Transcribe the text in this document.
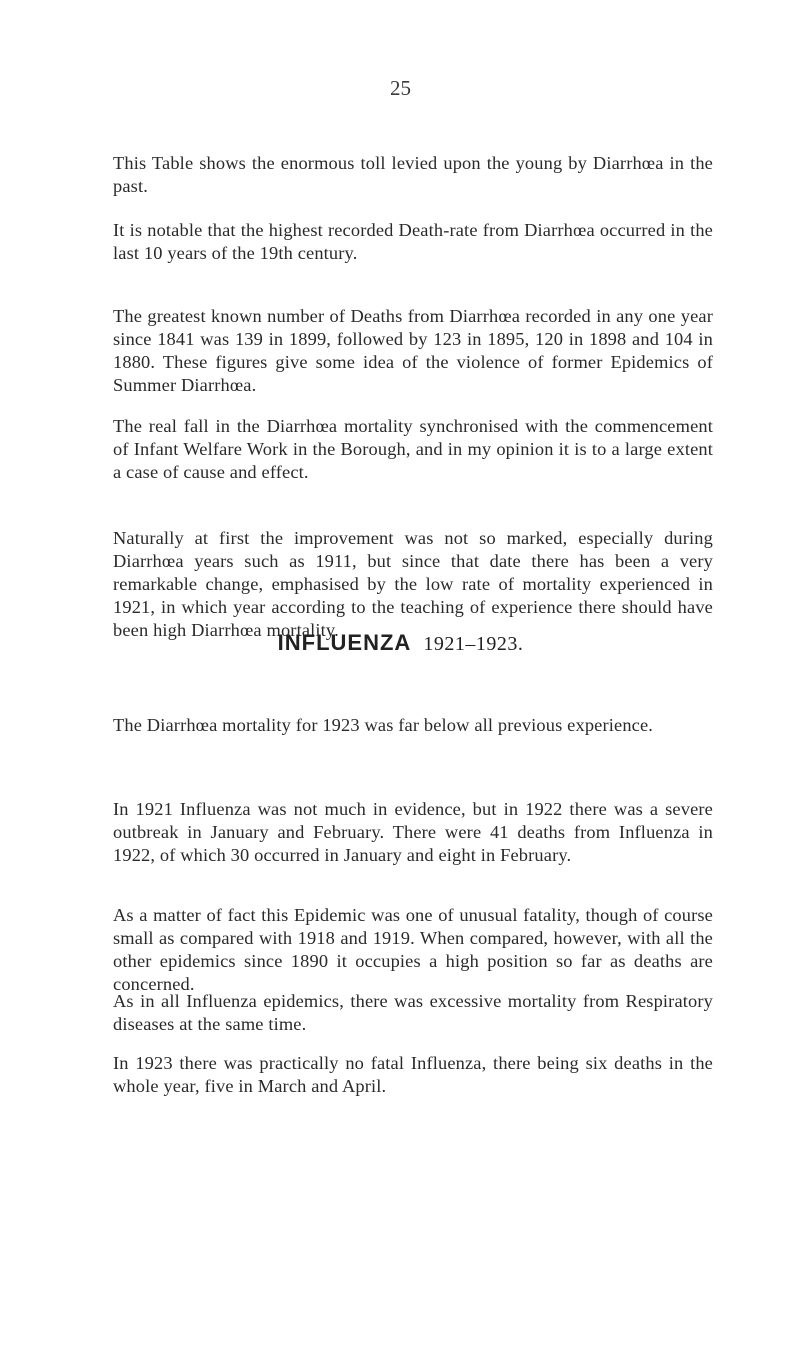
25

This Table shows the enormous toll levied upon the young by Diarrhœa in the past.

It is notable that the highest recorded Death-rate from Diarrhœa occurred in the last 10 years of the 19th century.

The greatest known number of Deaths from Diarrhœa recorded in any one year since 1841 was 139 in 1899, followed by 123 in 1895, 120 in 1898 and 104 in 1880. These figures give some idea of the violence of former Epidemics of Summer Diarrhœa.

The real fall in the Diarrhœa mortality synchronised with the commencement of Infant Welfare Work in the Borough, and in my opinion it is to a large extent a case of cause and effect.

Naturally at first the improvement was not so marked, especially during Diarrhœa years such as 1911, but since that date there has been a very remarkable change, emphasised by the low rate of mortality experienced in 1921, in which year according to the teaching of experience there should have been high Diarrhœa mortality.

The Diarrhœa mortality for 1923 was far below all previous experience.

INFLUENZA 1921–1923.

In 1921 Influenza was not much in evidence, but in 1922 there was a severe outbreak in January and February. There were 41 deaths from Influenza in 1922, of which 30 occurred in January and eight in February.

As a matter of fact this Epidemic was one of unusual fatality, though of course small as compared with 1918 and 1919. When compared, however, with all the other epidemics since 1890 it occupies a high position so far as deaths are concerned.

As in all Influenza epidemics, there was excessive mortality from Respiratory diseases at the same time.

In 1923 there was practically no fatal Influenza, there being six deaths in the whole year, five in March and April.
